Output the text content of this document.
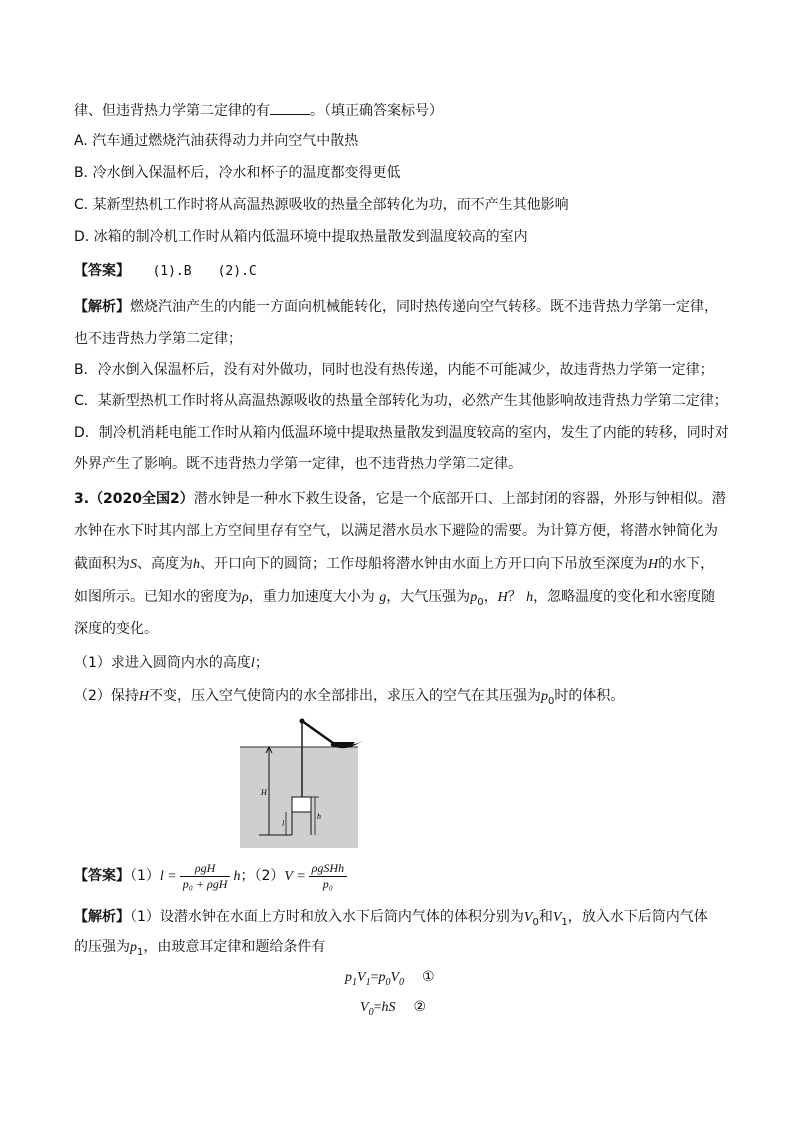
律、但违背热力学第二定律的有	。（填正确答案标号）
A. 汽车通过燃烧汽油获得动力并向空气中散热
B. 冷水倒入保温杯后，冷水和杯子的温度都变得更低
C. 某新型热机工作时将从高温热源吸收的热量全部转化为功，而不产生其他影响
D. 冰箱的制冷机工作时从箱内低温环境中提取热量散发到温度较高的室内
【答案】 (1).B　　(2).C
【解析】燃烧汽油产生的内能一方面向机械能转化，同时热传递向空气转移。既不违背热力学第一定律，
也不违背热力学第二定律；
B．冷水倒入保温杯后，没有对外做功，同时也没有热传递，内能不可能减少，故违背热力学第一定律；
C．某新型热机工作时将从高温热源吸收的热量全部转化为功，必然产生其他影响故违背热力学第二定律；
D．制冷机消耗电能工作时从箱内低温环境中提取热量散发到温度较高的室内，发生了内能的转移，同时对
外界产生了影响。既不违背热力学第一定律，也不违背热力学第二定律。
3.（2020全国2）潜水钟是一种水下救生设备，它是一个底部开口、上部封闭的容器，外形与钟相似。潜
水钟在水下时其内部上方空间里存有空气，以满足潜水员水下避险的需要。为计算方便，将潜水钟简化为
截面积为S、高度为h、开口向下的圆筒；工作母船将潜水钟由水面上方开口向下吊放至深度为H的水下，
如图所示。已知水的密度为ρ，重力加速度大小为 g，大气压强为$p_0$，H？ h，忽略温度的变化和水密度随
深度的变化。
（1）求进入圆筒内水的高度l；
（2）保持H不变，压入空气使筒内的水全部排出，求压入的空气在其压强为$p_0$时的体积。
H
l
h
【答案】$(1)l = \frac{\text{ρgH}}{\text{p₀ + ρgH}}$ h；$(2)V = \frac{\text{ρgSHh}}{\text{p₀}}$
【解析】（1）设潜水钟在水面上方时和放入水下后筒内气体的体积分别为$V_0$和$V_1$，放入水下后筒内气体
的压强为$p_1$，由玻意耳定律和题给条件有
$p_1V_1=p_0V_0$ ①
$V_0=hS$ ②
